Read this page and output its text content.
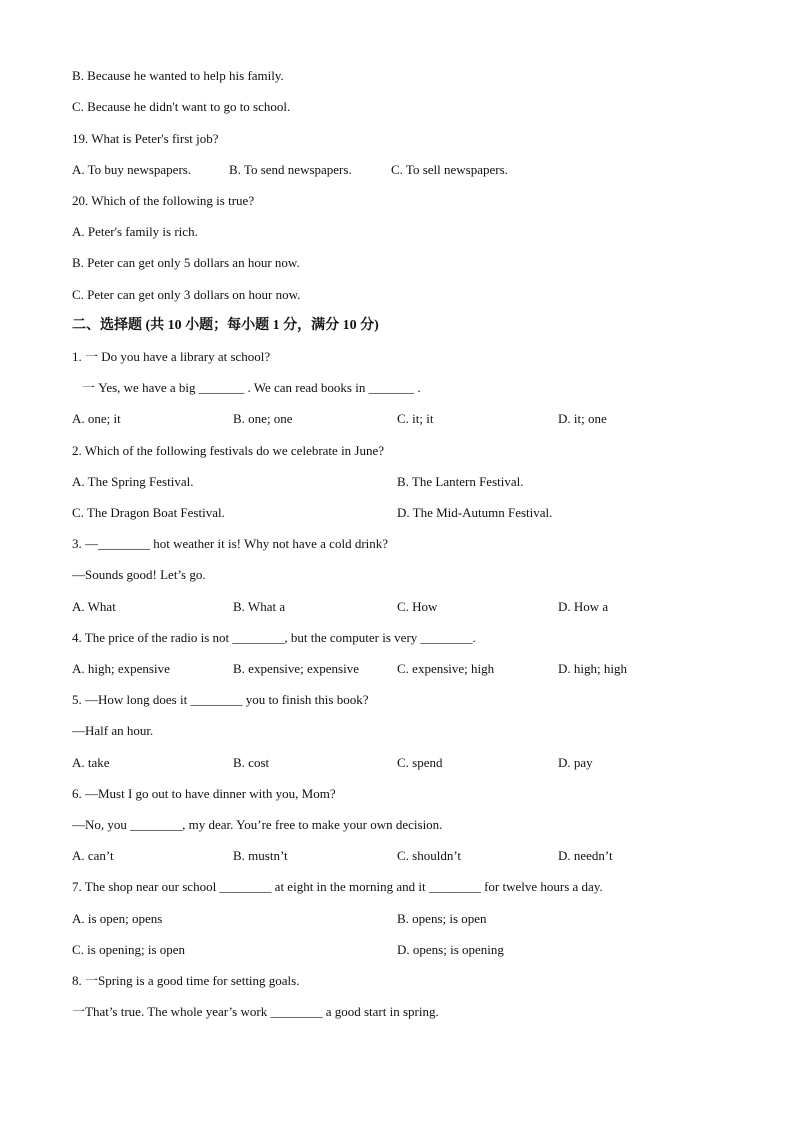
B. Because he wanted to help his family.
C. Because he didn't want to go to school.
19. What is Peter's first job?
A. To buy newspapers.	B. To send newspapers.	C. To sell newspapers.
20. Which of the following is true?
A. Peter's family is rich.
B. Peter can get only 5 dollars an hour now.
C. Peter can get only 3 dollars on hour now.
二、选择题 (共 10 小题；每小题 1 分，满分 10 分)
1. 一 Do you have a library at school?
一 Yes, we have a big _______ . We can read books in _______ .
A. one; it	B. one; one	C. it; it	D. it; one
2. Which of the following festivals do we celebrate in June?
A. The Spring Festival.	B. The Lantern Festival.
C. The Dragon Boat Festival.	D. The Mid-Autumn Festival.
3. —________ hot weather it is! Why not have a cold drink?
—Sounds good! Let’s go.
A. What	B. What a	C. How	D. How a
4. The price of the radio is not ________, but the computer is very ________.
A. high; expensive	B. expensive; expensive	C. expensive; high	D. high; high
5. —How long does it ________ you to finish this book?
—Half an hour.
A. take	B. cost	C. spend	D. pay
6. —Must I go out to have dinner with you, Mom?
—No, you ________, my dear. You’re free to make your own decision.
A. can’t	B. mustn’t	C. shouldn’t	D. needn’t
7. The shop near our school ________ at eight in the morning and it ________ for twelve hours a day.
A. is open; opens	B. opens; is open
C. is opening; is open	D. opens; is opening
8. 一Spring is a good time for setting goals.
一That’s true. The whole year’s work ________ a good start in spring.
